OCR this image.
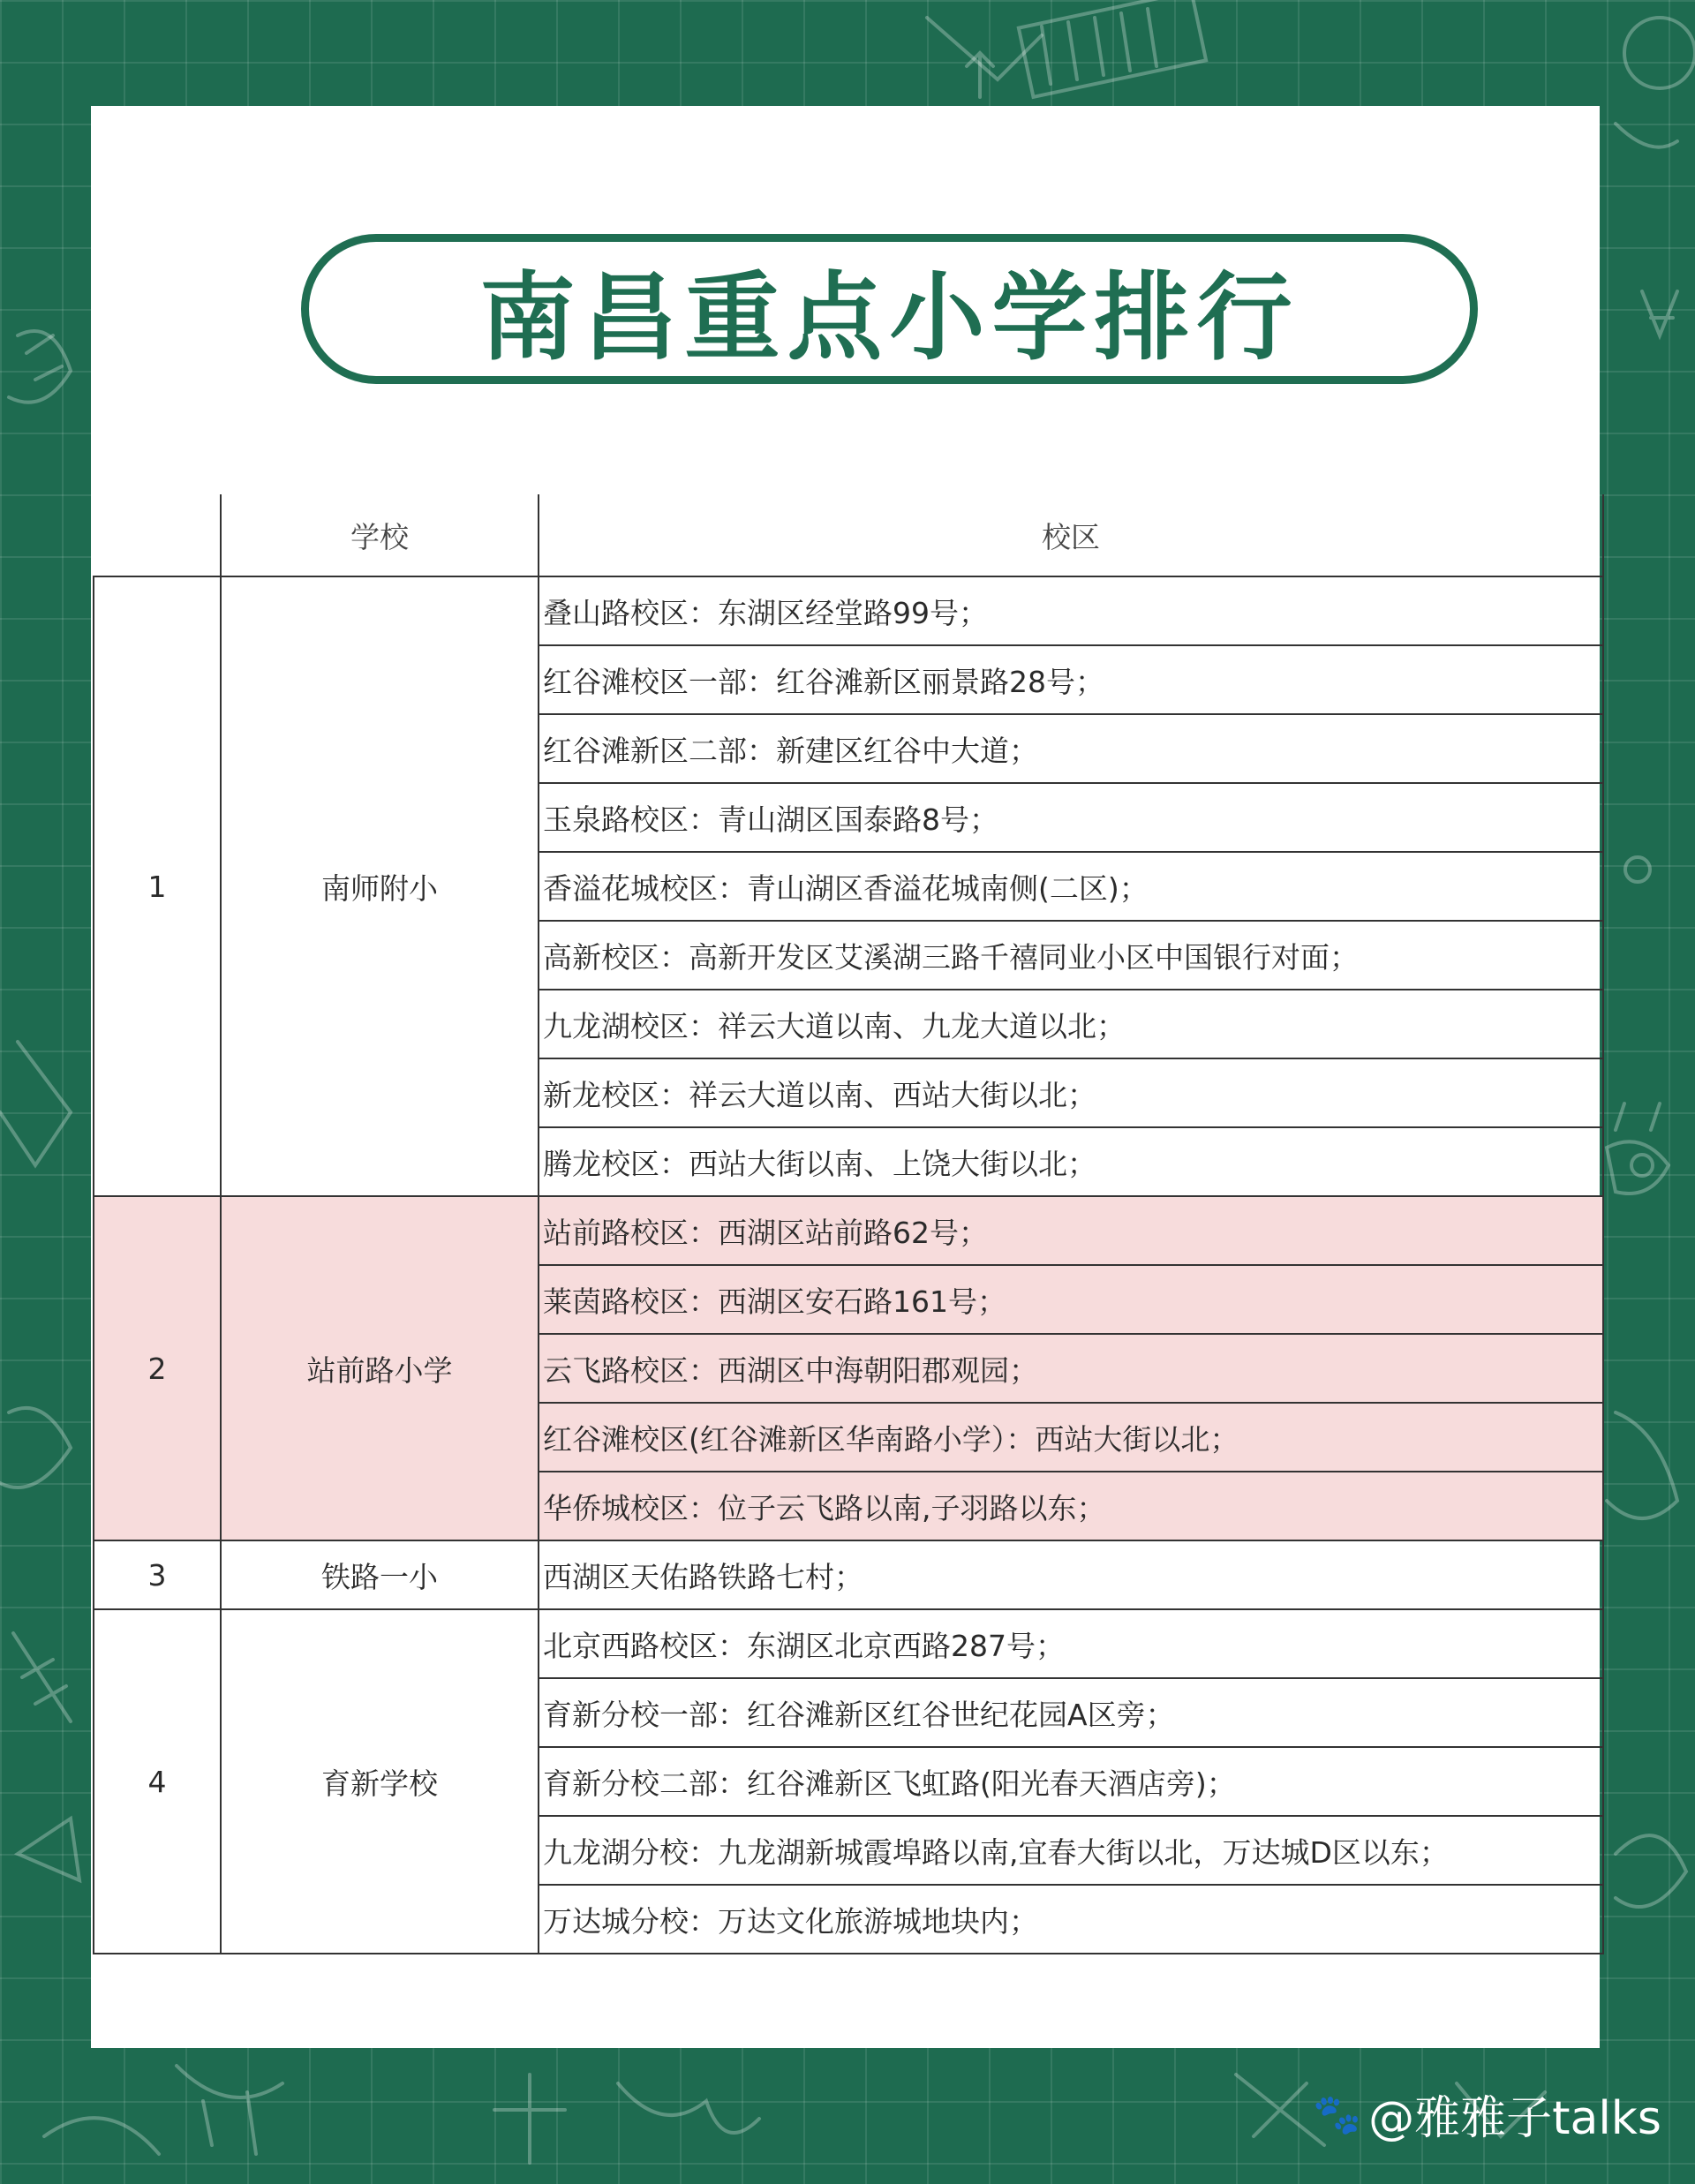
南昌重点小学排行
	学校	校区
1	南师附小	叠山路校区：东湖区经堂路99号；
		红谷滩校区一部：红谷滩新区丽景路28号；
		红谷滩新区二部：新建区红谷中大道；
		玉泉路校区：青山湖区国泰路8号；
		香溢花城校区：青山湖区香溢花城南侧(二区)；
		高新校区：高新开发区艾溪湖三路千禧同业小区中国银行对面；
		九龙湖校区：祥云大道以南、九龙大道以北；
		新龙校区：祥云大道以南、西站大街以北；
		腾龙校区：西站大街以南、上饶大街以北；
2	站前路小学	站前路校区：西湖区站前路62号；
		莱茵路校区：西湖区安石路161号；
		云飞路校区：西湖区中海朝阳郡观园；
		红谷滩校区(红谷滩新区华南路小学）：西站大街以北；
		华侨城校区：位子云飞路以南,子羽路以东；
3	铁路一小	西湖区天佑路铁路七村；
4	育新学校	北京西路校区：东湖区北京西路287号；
		育新分校一部：红谷滩新区红谷世纪花园A区旁；
		育新分校二部：红谷滩新区飞虹路(阳光春天酒店旁)；
		九龙湖分校：九龙湖新城霞埠路以南,宜春大街以北，万达城D区以东；
		万达城分校：万达文化旅游城地块内；
🐾 @雅雅子talks
